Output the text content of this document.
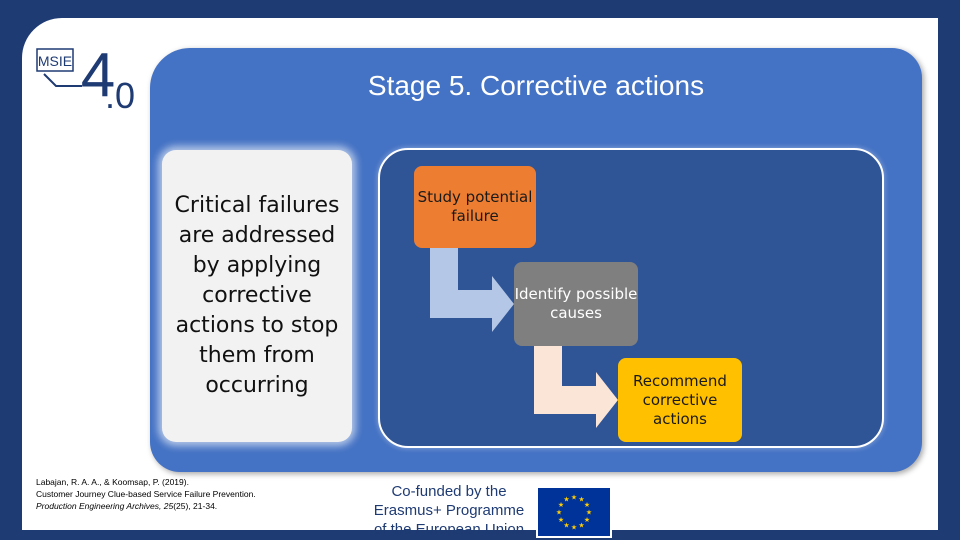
MSIE 4
.0	Stage 5. Corrective actions
Critical failures are addressed by applying corrective actions to stop them from occurring
Study potential failure
Identify possible causes
Recommend corrective actions
Labajan, R. A. A., & Koomsap, P. (2019).
Customer Journey Clue-based Service Failure Prevention.
Production Engineering Archives, 25(25), 21-34.
Co-funded by the
Erasmus+ Programme
of the European Union
★ ★
★
★
★
★
★
★
★
★
★
★
